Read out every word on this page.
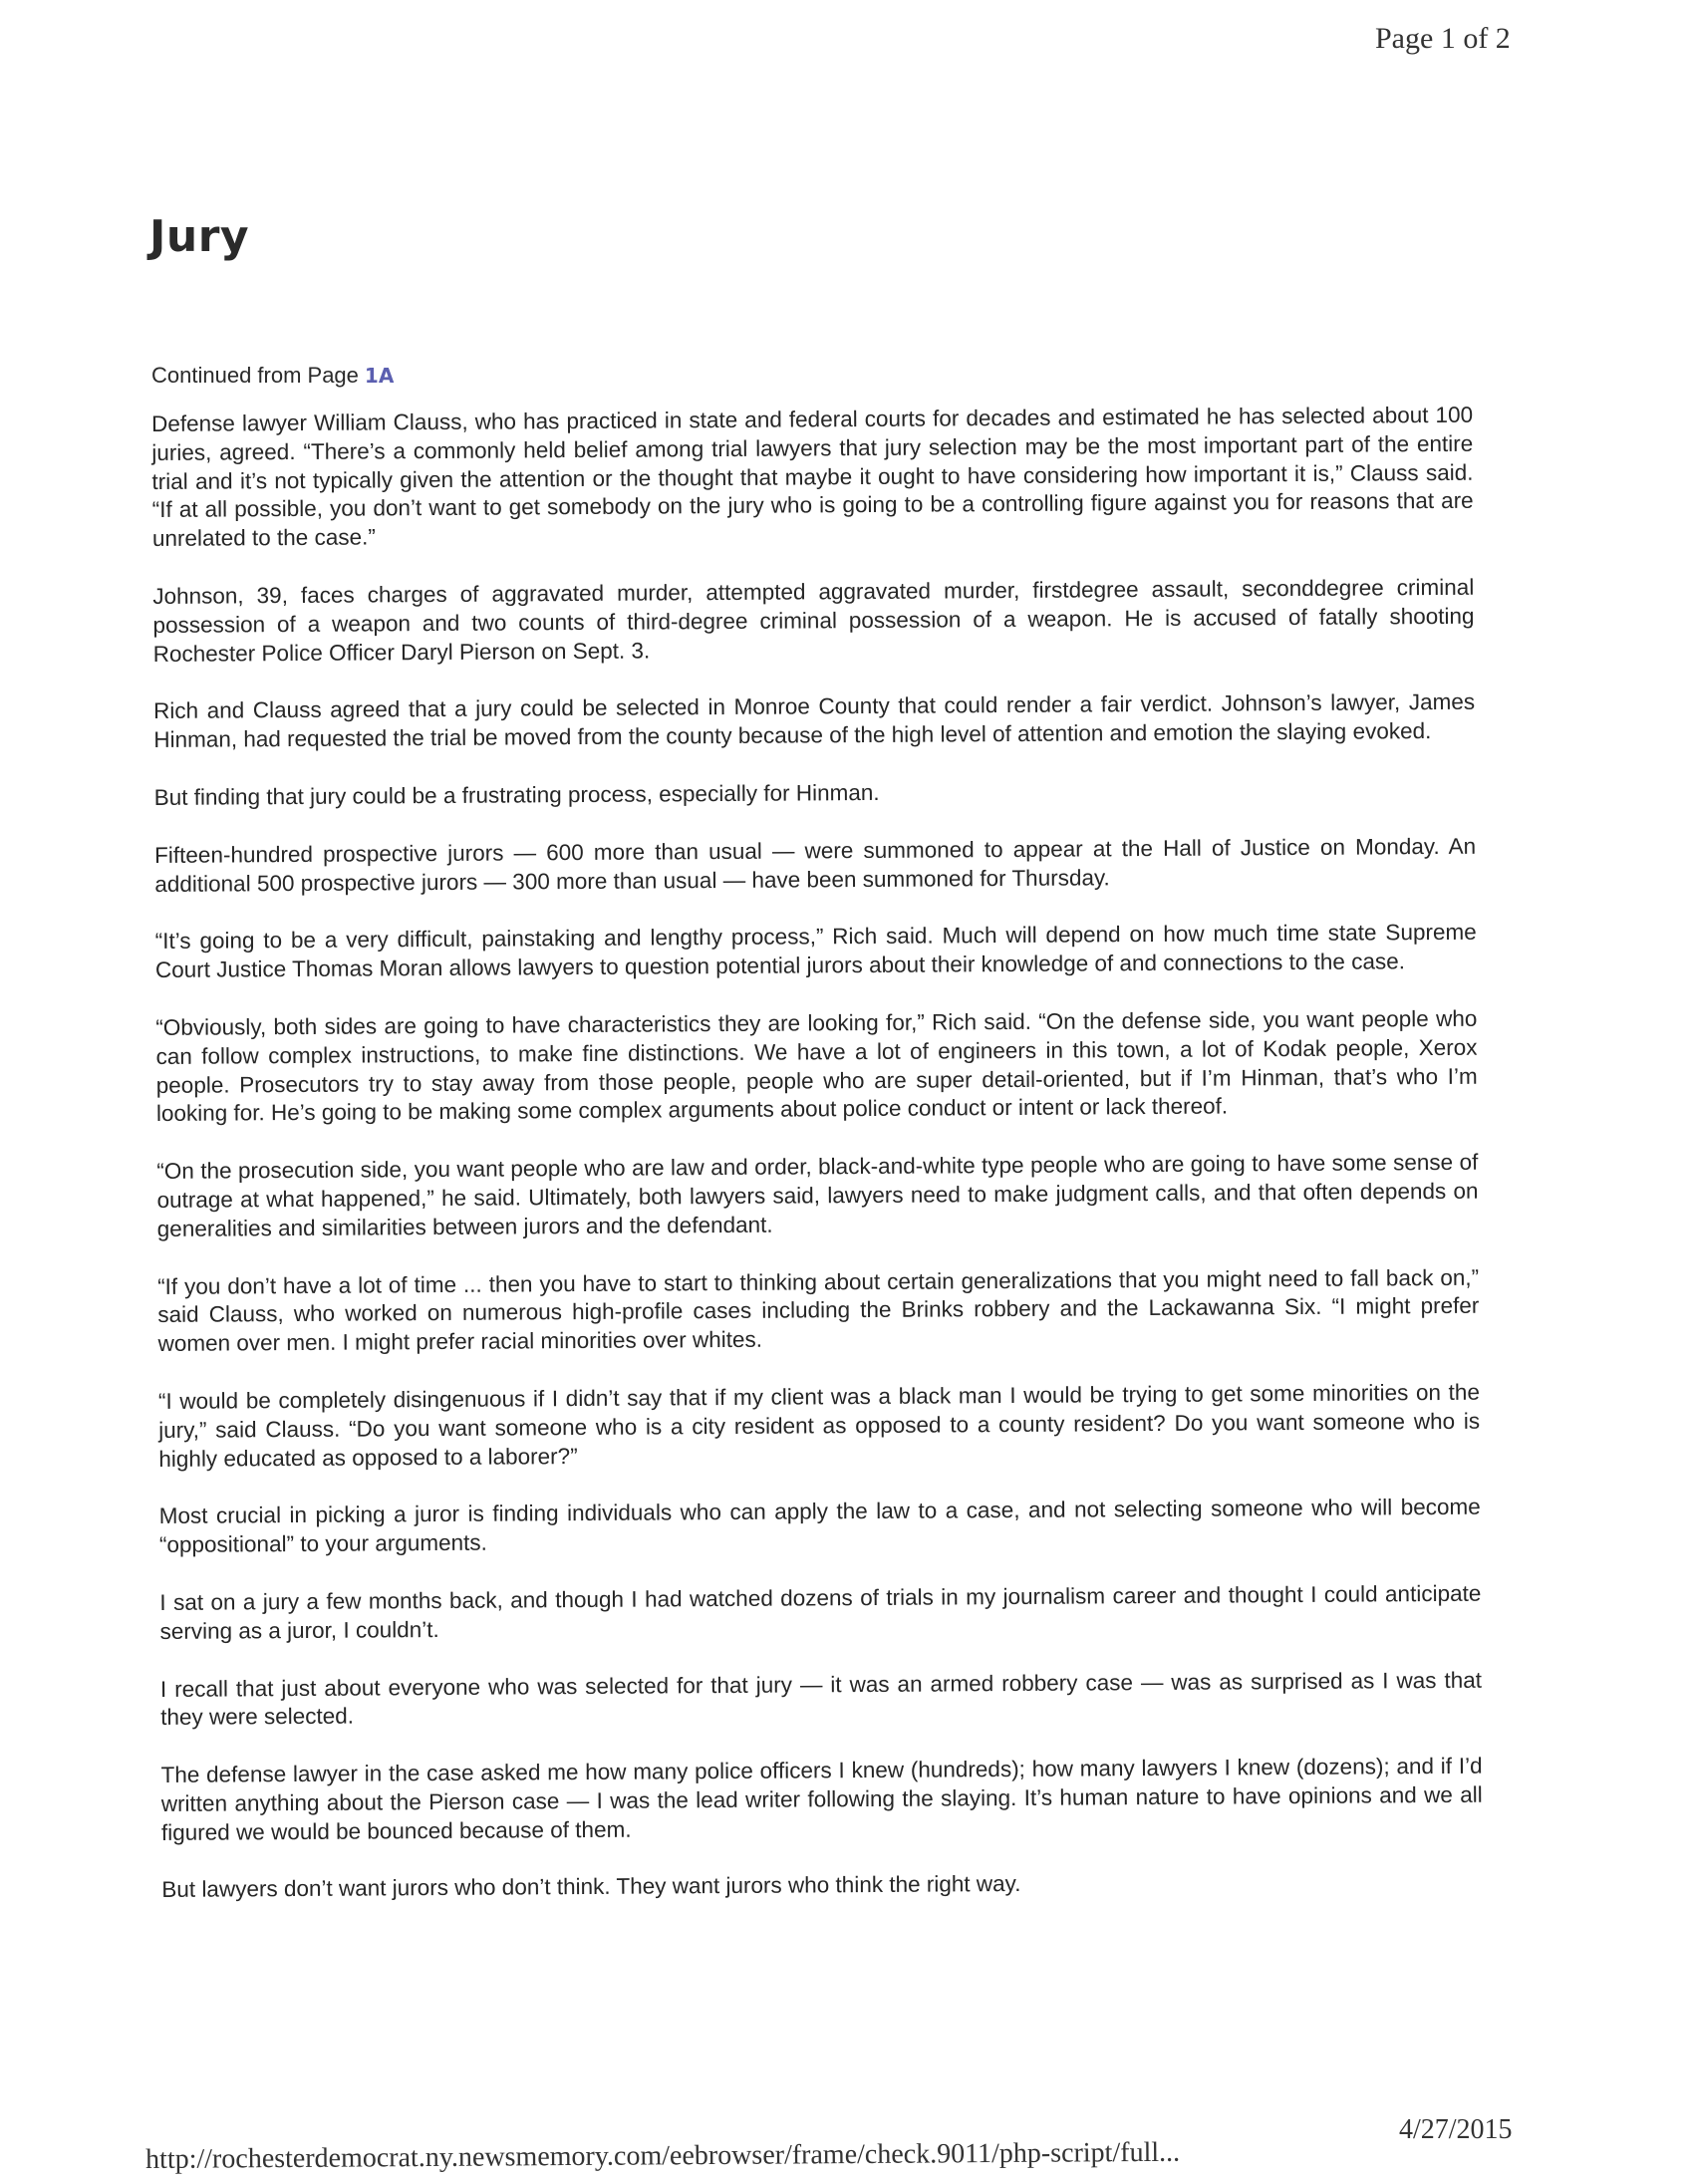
Page 1 of 2
Jury
Continued from Page 1A

Defense lawyer William Clauss, who has practiced in state and federal courts for decades and estimated he has selected about 100 juries, agreed. “There’s a commonly held belief among trial lawyers that jury selection may be the most important part of the entire trial and it’s not typically given the attention or the thought that maybe it ought to have considering how important it is,” Clauss said. “If at all possible, you don’t want to get somebody on the jury who is going to be a controlling figure against you for reasons that are unrelated to the case.”

Johnson, 39, faces charges of aggravated murder, attempted aggravated murder, firstdegree assault, seconddegree criminal possession of a weapon and two counts of third-degree criminal possession of a weapon. He is accused of fatally shooting Rochester Police Officer Daryl Pierson on Sept. 3.

Rich and Clauss agreed that a jury could be selected in Monroe County that could render a fair verdict. Johnson’s lawyer, James Hinman, had requested the trial be moved from the county because of the high level of attention and emotion the slaying evoked.

But finding that jury could be a frustrating process, especially for Hinman.

Fifteen-hundred prospective jurors — 600 more than usual — were summoned to appear at the Hall of Justice on Monday. An additional 500 prospective jurors — 300 more than usual — have been summoned for Thursday.

“It’s going to be a very difficult, painstaking and lengthy process,” Rich said. Much will depend on how much time state Supreme Court Justice Thomas Moran allows lawyers to question potential jurors about their knowledge of and connections to the case.

“Obviously, both sides are going to have characteristics they are looking for,” Rich said. “On the defense side, you want people who can follow complex instructions, to make fine distinctions. We have a lot of engineers in this town, a lot of Kodak people, Xerox people. Prosecutors try to stay away from those people, people who are super detail-oriented, but if I’m Hinman, that’s who I’m looking for. He’s going to be making some complex arguments about police conduct or intent or lack thereof.

“On the prosecution side, you want people who are law and order, black-and-white type people who are going to have some sense of outrage at what happened,” he said. Ultimately, both lawyers said, lawyers need to make judgment calls, and that often depends on generalities and similarities between jurors and the defendant.

“If you don’t have a lot of time ... then you have to start to thinking about certain generalizations that you might need to fall back on,” said Clauss, who worked on numerous high-profile cases including the Brinks robbery and the Lackawanna Six. “I might prefer women over men. I might prefer racial minorities over whites.

“I would be completely disingenuous if I didn’t say that if my client was a black man I would be trying to get some minorities on the jury,” said Clauss. “Do you want someone who is a city resident as opposed to a county resident? Do you want someone who is highly educated as opposed to a laborer?”

Most crucial in picking a juror is finding individuals who can apply the law to a case, and not selecting someone who will become “oppositional” to your arguments.

I sat on a jury a few months back, and though I had watched dozens of trials in my journalism career and thought I could anticipate serving as a juror, I couldn’t.

I recall that just about everyone who was selected for that jury — it was an armed robbery case — was as surprised as I was that they were selected.

The defense lawyer in the case asked me how many police officers I knew (hundreds); how many lawyers I knew (dozens); and if I’d written anything about the Pierson case — I was the lead writer following the slaying. It’s human nature to have opinions and we all figured we would be bounced because of them.

But lawyers don’t want jurors who don’t think. They want jurors who think the right way.

http://rochesterdemocrat.ny.newsmemory.com/eebrowser/frame/check.9011/php-script/full...
4/27/2015
